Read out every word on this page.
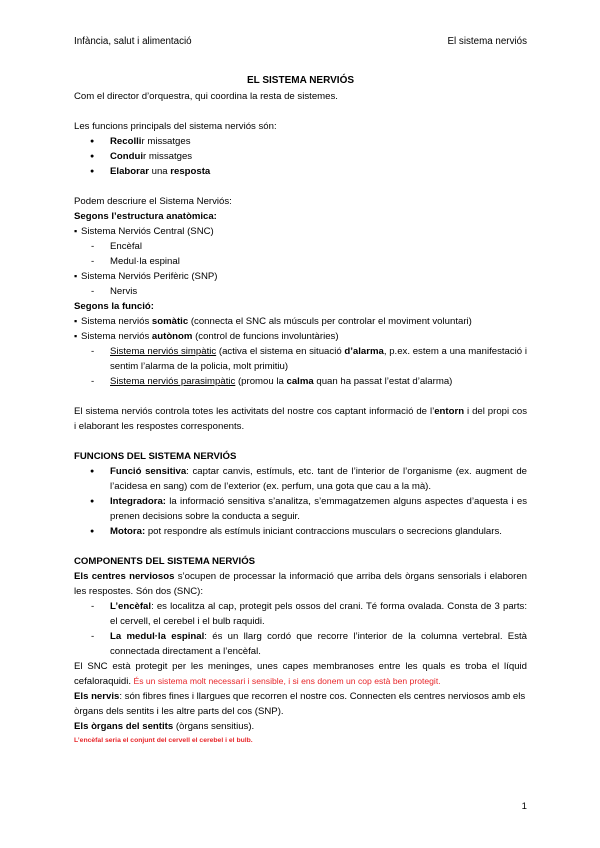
Infància, salut i alimentació	El sistema nerviós

EL SISTEMA NERVIÓS

Com el director d’orquestra, qui coordina la resta de sistemes.

Les funcions principals del sistema nerviós són:

● Recollir missatges
● Conduir missatges
● Elaborar una resposta

Podem descriure el Sistema Nerviós:

Segons l’estructura anatòmica:

▪ Sistema Nerviós Central (SNC)
- Encèfal
- Medul·la espinal
▪ Sistema Nerviós Perifèric (SNP)
- Nervis

Segons la funció:

▪ Sistema nerviós somàtic (connecta el SNC als músculs per controlar el moviment voluntari)
▪ Sistema nerviós autònom (control de funcions involuntàries)
- Sistema nerviós simpàtic (activa el sistema en situació d’alarma, p.ex. estem a una manifestació i sentim l’alarma de la policia, molt primitiu)
- Sistema nerviós parasimpàtic (promou la calma quan ha passat l’estat d’alarma)

El sistema nerviós controla totes les activitats del nostre cos captant informació de l’entorn i del propi cos i elaborant les respostes corresponents.

FUNCIONS DEL SISTEMA NERVIÓS

● Funció sensitiva: captar canvis, estímuls, etc. tant de l’interior de l’organisme (ex. augment de l’acidesa en sang) com de l’exterior (ex. perfum, una gota que cau a la mà).
● Integradora: la informació sensitiva s’analitza, s’emmagatzemen alguns aspectes d’aquesta i es prenen decisions sobre la conducta a seguir.
● Motora: pot respondre als estímuls iniciant contraccions musculars o secrecions glandulars.

COMPONENTS DEL SISTEMA NERVIÓS

Els centres nerviosos s’ocupen de processar la informació que arriba dels òrgans sensorials i elaboren les respostes. Són dos (SNC):

- L’encèfal: es localitza al cap, protegit pels ossos del crani. Té forma ovalada. Consta de 3 parts: el cervell, el cerebel i el bulb raquidi.
- La medul·la espinal: és un llarg cordó que recorre l’interior de la columna vertebral. Està connectada directament a l’encèfal.

El SNC està protegit per les meninges, unes capes membranoses entre les quals es troba el líquid cefaloraquidi. És un sistema molt necessari i sensible, i si ens donem un cop està ben protegit.

Els nervis: són fibres fines i llargues que recorren el nostre cos. Connecten els centres nerviosos amb els òrgans dels sentits i les altre parts del cos (SNP).

Els òrgans del sentits (òrgans sensitius).

L’encèfal seria el conjunt del cervell el cerebel i el bulb.

1
